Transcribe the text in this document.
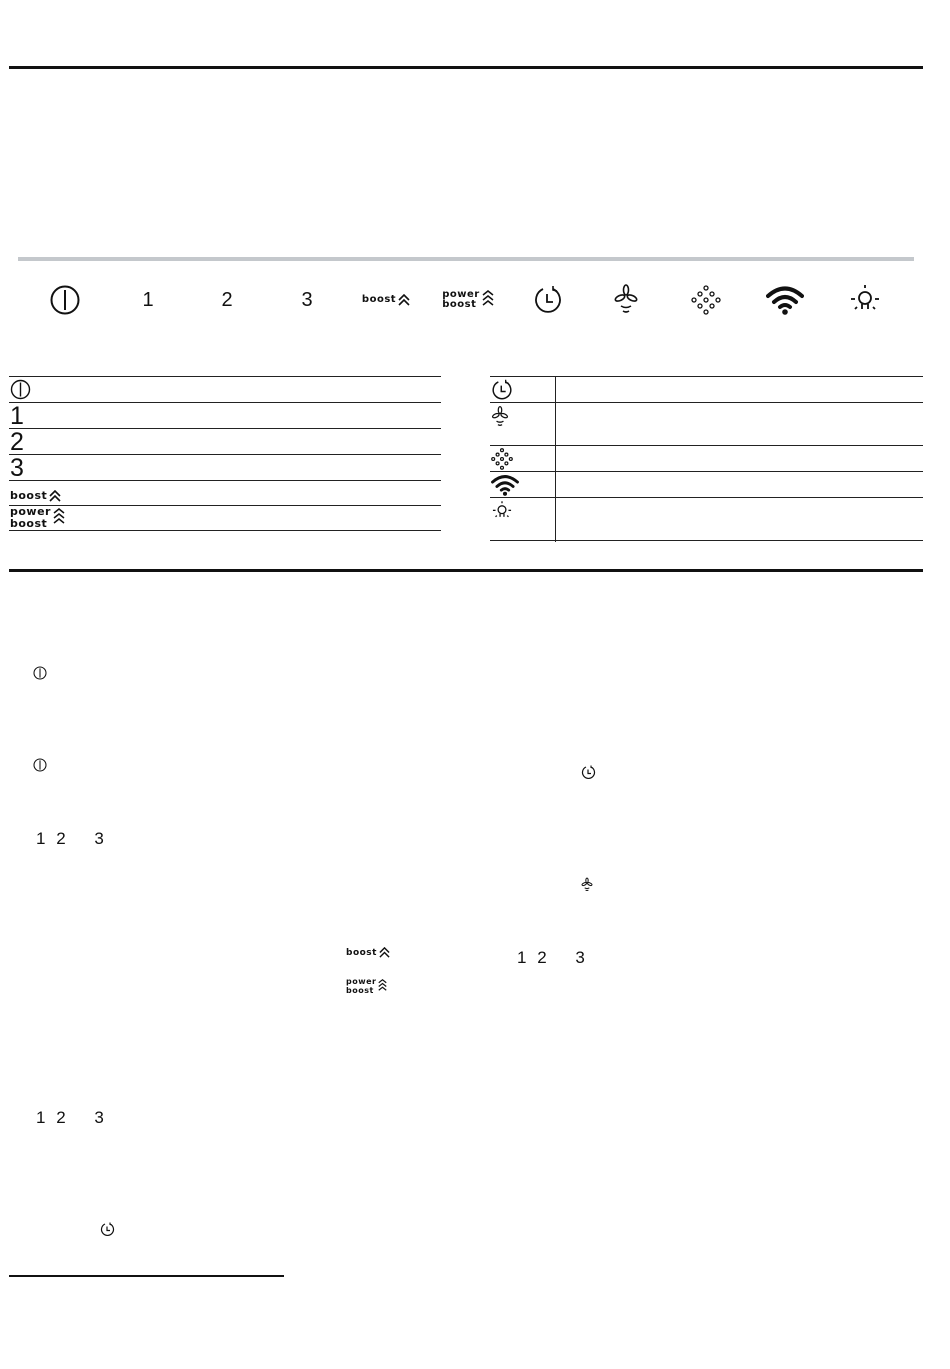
1	2	3	boost	power
boost
1
2
3
boost
power
boost
1 2 3
boost
power
boost
1 2 3
1 2 3
